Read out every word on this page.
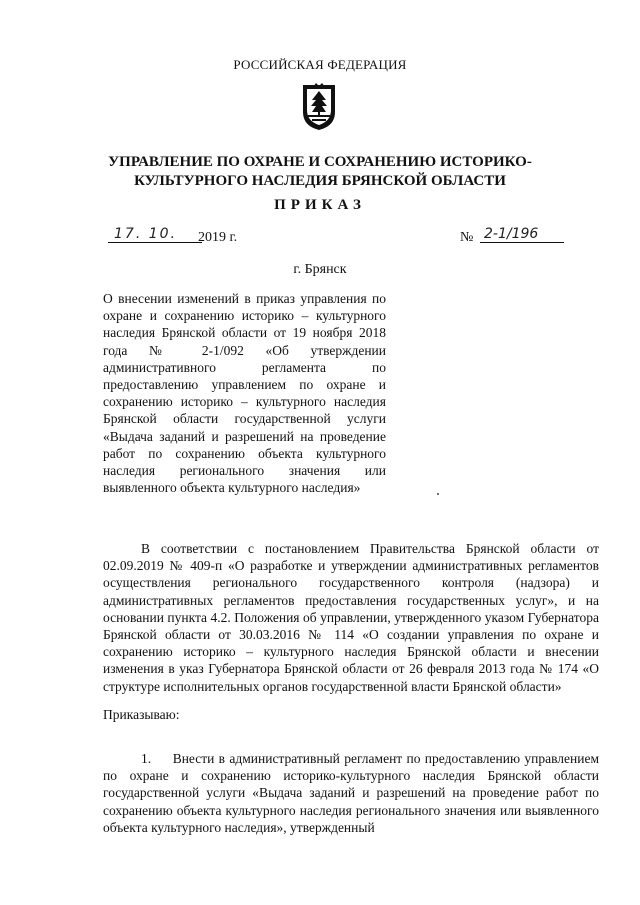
РОССИЙСКАЯ ФЕДЕРАЦИЯ
УПРАВЛЕНИЕ ПО ОХРАНЕ И СОХРАНЕНИЮ ИСТОРИКО-КУЛЬТУРНОГО НАСЛЕДИЯ БРЯНСКОЙ ОБЛАСТИ
ПРИКАЗ
17. 10.	2019 г.	№ 2-1/196
г. Брянск
О внесении изменений в приказ управления по охране и сохранению историко – культурного наследия Брянской области от 19 ноября 2018 года № 2-1/092 «Об утверждении административного регламента по предоставлению управлением по охране и сохранению историко – культурного наследия Брянской области государственной услуги «Выдача заданий и разрешений на проведение работ по сохранению объекта культурного наследия регионального значения или выявленного объекта культурного наследия»
В соответствии с постановлением Правительства Брянской области от 02.09.2019 № 409-п «О разработке и утверждении административных регламентов осуществления регионального государственного контроля (надзора) и административных регламентов предоставления государственных услуг», и на основании пункта 4.2. Положения об управлении, утвержденного указом Губернатора Брянской области от 30.03.2016 № 114 «О создании управления по охране и сохранению историко – культурного наследия Брянской области и внесении изменения в указ Губернатора Брянской области от 26 февраля 2013 года № 174 «О структуре исполнительных органов государственной власти Брянской области»
Приказываю:
1.     Внести в административный регламент по предоставлению управлением по охране и сохранению историко-культурного наследия Брянской области государственной услуги «Выдача заданий и разрешений на проведение работ по сохранению объекта культурного наследия регионального значения или выявленного объекта культурного наследия», утвержденный
